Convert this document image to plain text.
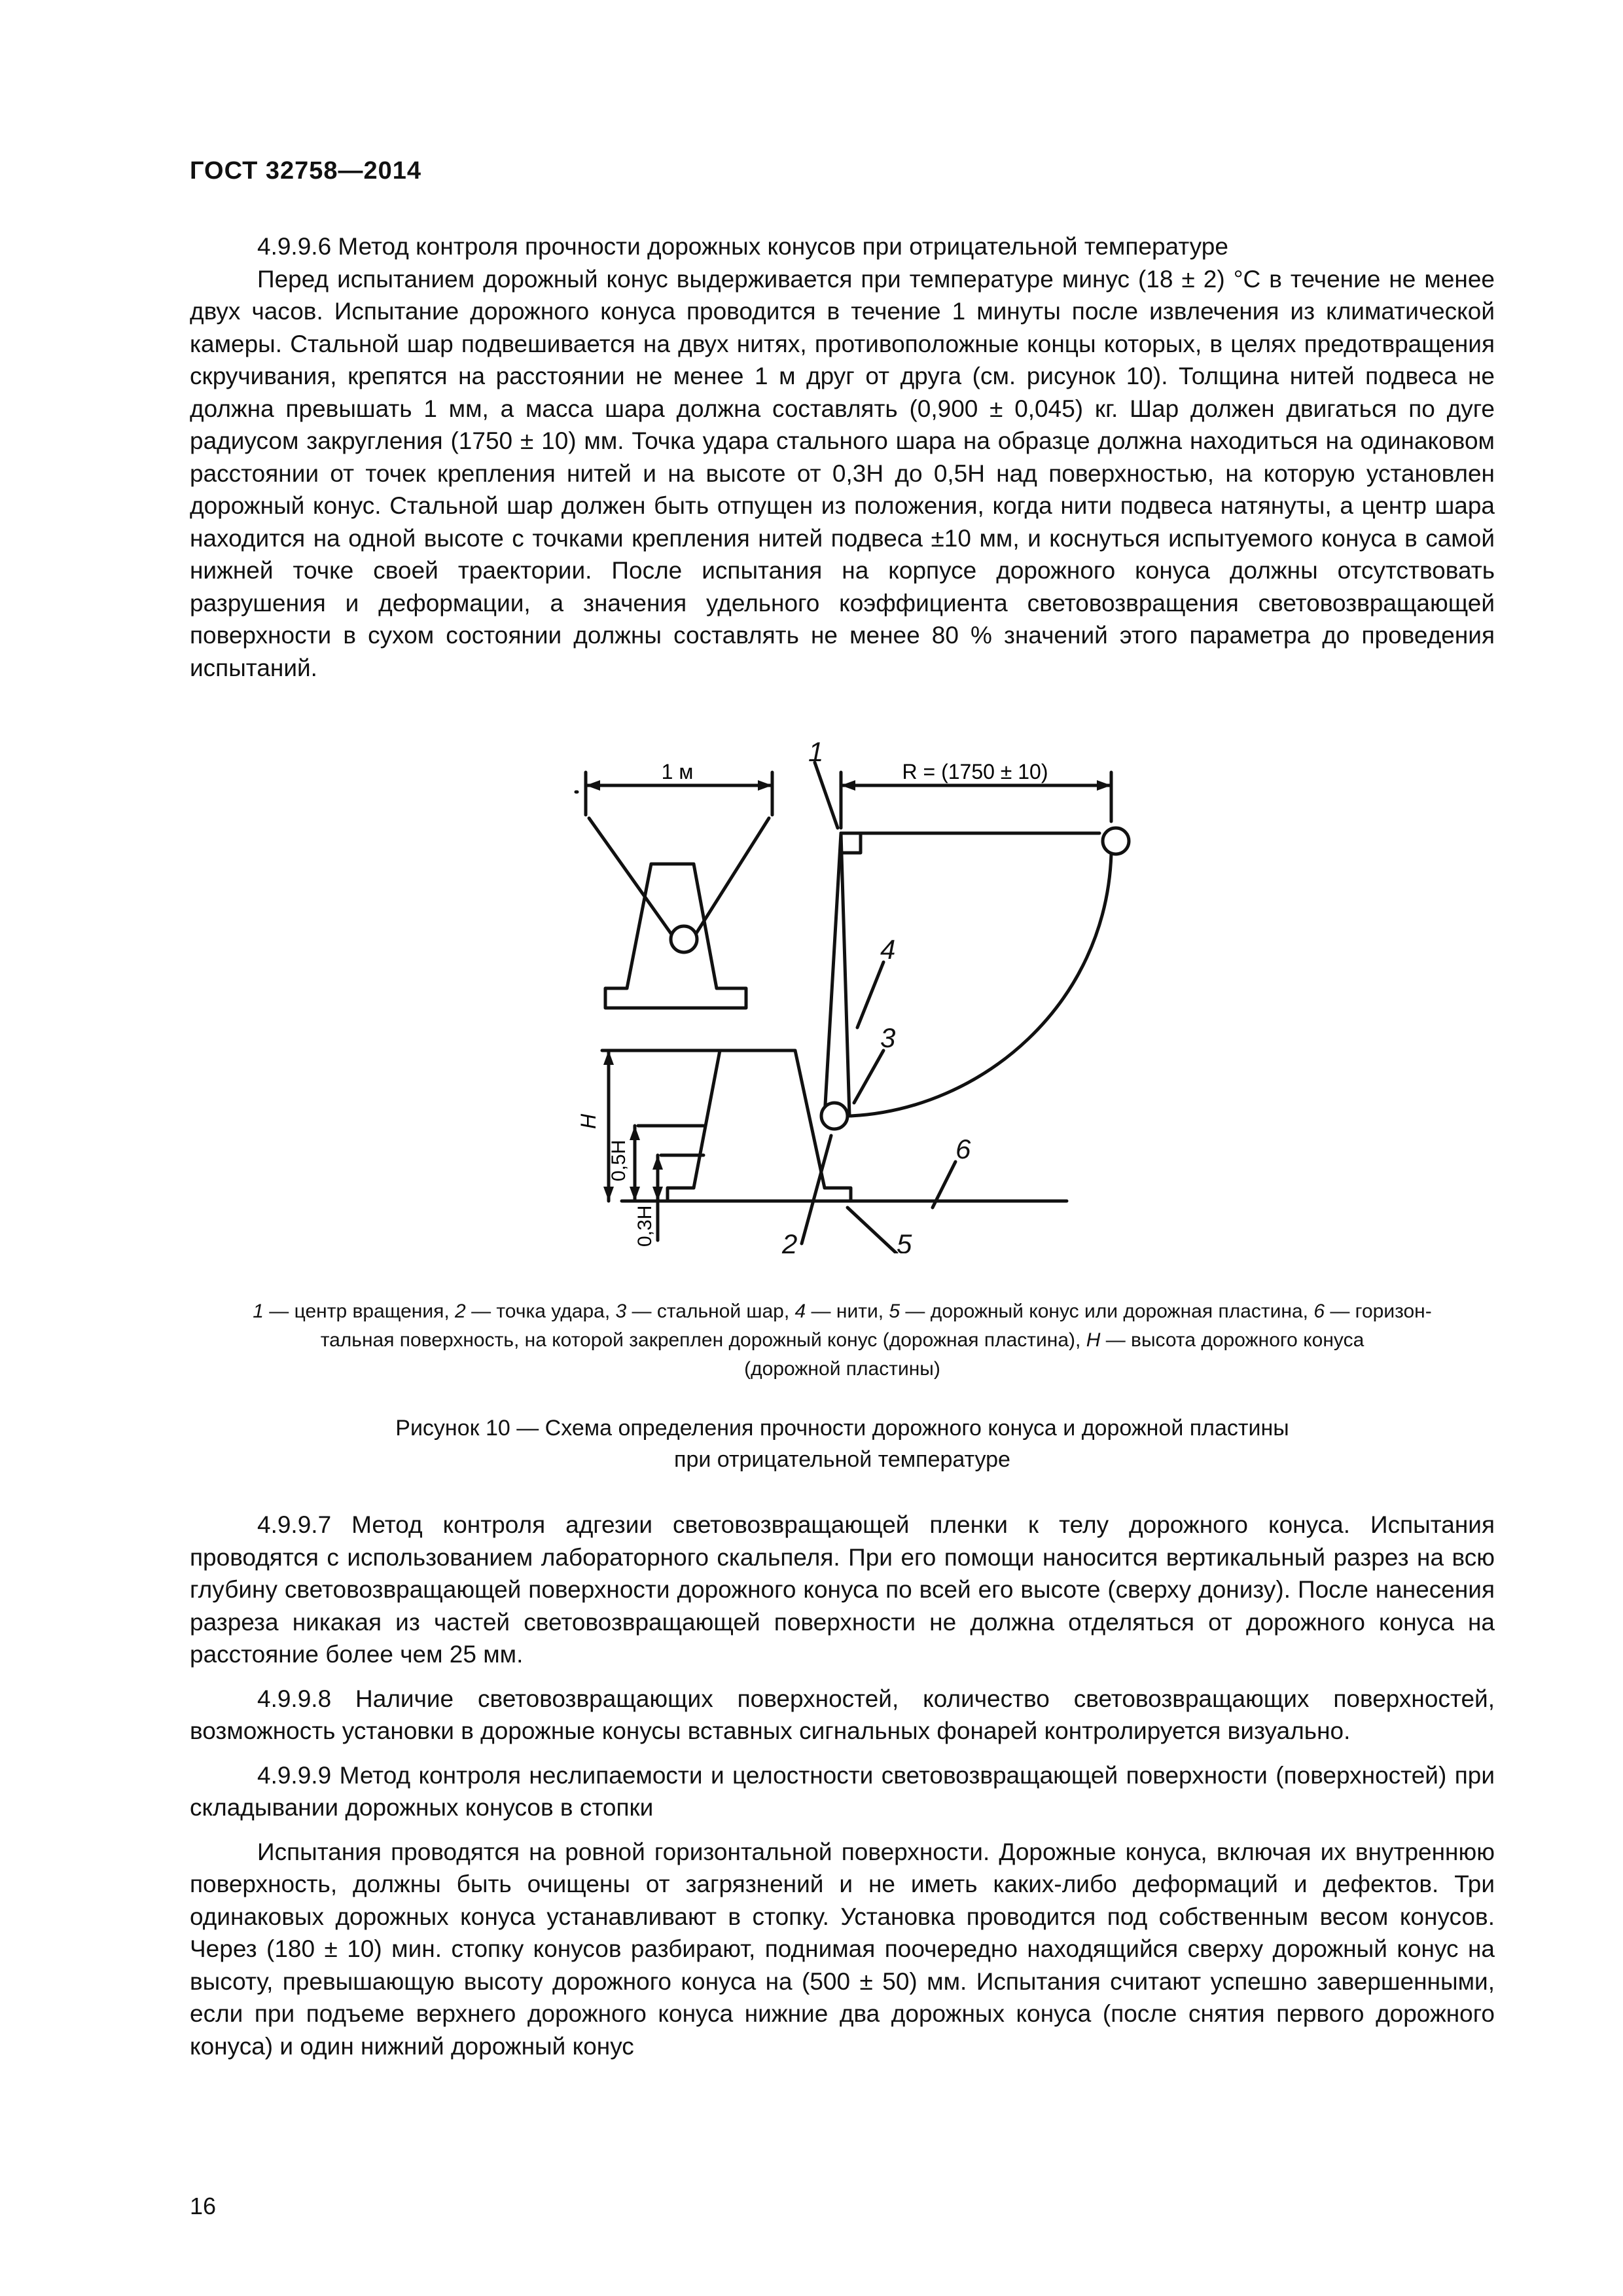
ГОСТ 32758—2014

4.9.9.6 Метод контроля прочности дорожных конусов при отрицательной температуре

Перед испытанием дорожный конус выдерживается при температуре минус (18 ± 2) °С в течение не менее двух часов. Испытание дорожного конуса проводится в течение 1 минуты после извлечения из климатической камеры. Стальной шар подвешивается на двух нитях, противоположные концы которых, в целях предотвращения скручивания, крепятся на расстоянии не менее 1 м друг от друга (см. рисунок 10). Толщина нитей подвеса не должна превышать 1 мм, а масса шара должна составлять (0,900 ± 0,045) кг. Шар должен двигаться по дуге радиусом закругления (1750 ± 10) мм. Точка удара стального шара на образце должна находиться на одинаковом расстоянии от точек крепления нитей и на высоте от 0,3H до 0,5H над поверхностью, на которую установлен дорожный конус. Стальной шар должен быть отпущен из положения, когда нити подвеса натянуты, а центр шара находится на одной высоте с точками крепления нитей подвеса ±10 мм, и коснуться испытуемого конуса в самой нижней точке своей траектории. После испытания на корпусе дорожного конуса должны отсутствовать разрушения и деформации, а значения удельного коэффициента световозвращения световозвращающей поверхности в сухом состоянии должны составлять не менее 80 % значений этого параметра до проведения испытаний.

1 м	R = (1750 ± 10)
H
0,5H
0,3H
1
2
3
4
5
6
1 — центр вращения, 2 — точка удара, 3 — стальной шар, 4 — нити, 5 — дорожный конус или дорожная пластина, 6 — горизон-
тальная поверхность, на которой закреплен дорожный конус (дорожная пластина), H — высота дорожного конуса
(дорожной пластины)
Рисунок 10 — Схема определения прочности дорожного конуса и дорожной пластины
при отрицательной температуре

4.9.9.7 Метод контроля адгезии световозвращающей пленки к телу дорожного конуса. Испытания проводятся с использованием лабораторного скальпеля. При его помощи наносится вертикальный разрез на всю глубину световозвращающей поверхности дорожного конуса по всей его высоте (сверху донизу). После нанесения разреза никакая из частей световозвращающей поверхности не должна отделяться от дорожного конуса на расстояние более чем 25 мм.

4.9.9.8 Наличие световозвращающих поверхностей, количество световозвращающих поверхностей, возможность установки в дорожные конусы вставных сигнальных фонарей контролируется визуально.

4.9.9.9 Метод контроля неслипаемости и целостности световозвращающей поверхности (поверхностей) при складывании дорожных конусов в стопки

Испытания проводятся на ровной горизонтальной поверхности. Дорожные конуса, включая их внутреннюю поверхность, должны быть очищены от загрязнений и не иметь каких-либо деформаций и дефектов. Три одинаковых дорожных конуса устанавливают в стопку. Установка проводится под собственным весом конусов. Через (180 ± 10) мин. стопку конусов разбирают, поднимая поочередно находящийся сверху дорожный конус на высоту, превышающую высоту дорожного конуса на (500 ± 50) мм. Испытания считают успешно завершенными, если при подъеме верхнего дорожного конуса нижние два дорожных конуса (после снятия первого дорожного конуса) и один нижний дорожный конус

16
